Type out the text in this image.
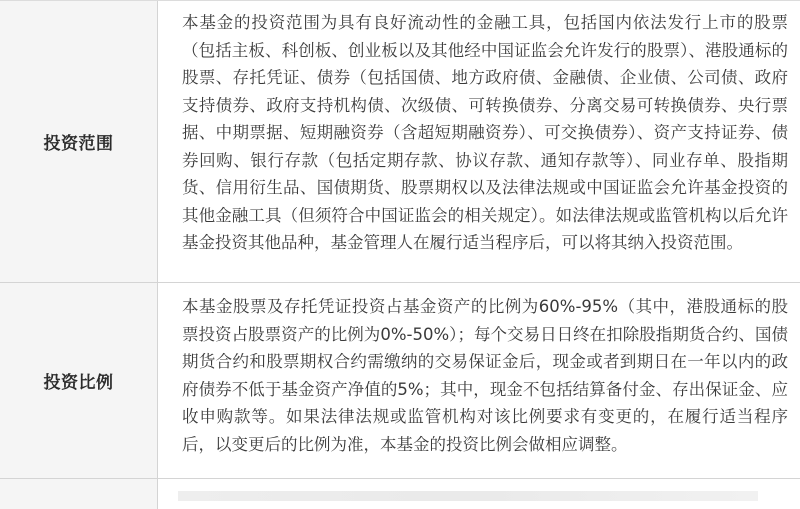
投资范围

本基金的投资范围为具有良好流动性的金融工具，包括国内依法发行上市的股票（包括主板、科创板、创业板以及其他经中国证监会允许发行的股票）、港股通标的股票、存托凭证、债券（包括国债、地方政府债、金融债、企业债、公司债、政府支持债券、政府支持机构债、次级债、可转换债券、分离交易可转换债券、央行票据、中期票据、短期融资券（含超短期融资券）、可交换债券）、资产支持证券、债券回购、银行存款（包括定期存款、协议存款、通知存款等）、同业存单、股指期货、信用衍生品、国债期货、股票期权以及法律法规或中国证监会允许基金投资的其他金融工具（但须符合中国证监会的相关规定）。如法律法规或监管机构以后允许基金投资其他品种，基金管理人在履行适当程序后，可以将其纳入投资范围。

投资比例

本基金股票及存托凭证投资占基金资产的比例为60%-95%（其中，港股通标的股票投资占股票资产的比例为0%-50%）；每个交易日日终在扣除股指期货合约、国债期货合约和股票期权合约需缴纳的交易保证金后，现金或者到期日在一年以内的政府债券不低于基金资产净值的5%；其中，现金不包括结算备付金、存出保证金、应收申购款等。如果法律法规或监管机构对该比例要求有变更的，在履行适当程序后，以变更后的比例为准，本基金的投资比例会做相应调整。
